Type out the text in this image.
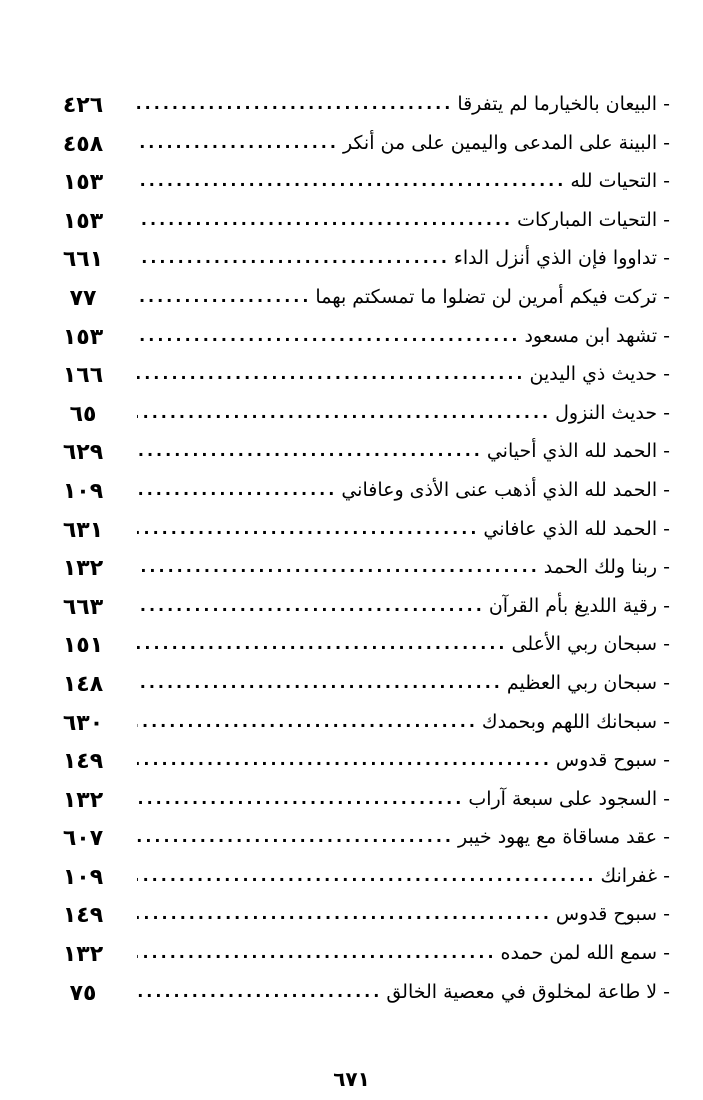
- البيعان بالخيارما لم يتفرقا
.....
٤٢٦
- البينة على المدعى واليمين على من أنكر
.....
٤٥٨
- التحيات لله
.....
١٥٣
- التحيات المباركات
.....
١٥٣
- تداووا فإن الذي أنزل الداء
.....
٦٦١
- تركت فيكم أمرين لن تضلوا ما تمسكتم بهما
.....
٧٧
- تشهد ابن مسعود
.....
١٥٣
- حديث ذي اليدين
.....
١٦٦
- حديث النزول
.....
٦٥
- الحمد لله الذي أحياني
.....
٦٢٩
- الحمد لله الذي أذهب عنى الأذى وعافاني
.....
١٠٩
- الحمد لله الذي عافاني
.....
٦٣١
- ربنا ولك الحمد
.....
١٣٢
- رقية اللديغ بأم القرآن
.....
٦٦٣
- سبحان ربي الأعلى
.....
١٥١
- سبحان ربي العظيم
.....
١٤٨
- سبحانك اللهم وبحمدك
.....
٦٣٠
- سبوح قدوس
.....
١٤٩
- السجود على سبعة آراب
.....
١٣٢
- عقد مساقاة مع يهود خيبر
.....
٦٠٧
- غفرانك
.....
١٠٩
- سبوح قدوس
.....
١٤٩
- سمع الله لمن حمده
.....
١٣٢
- لا طاعة لمخلوق في معصية الخالق
.....
٧٥
٦٧١
